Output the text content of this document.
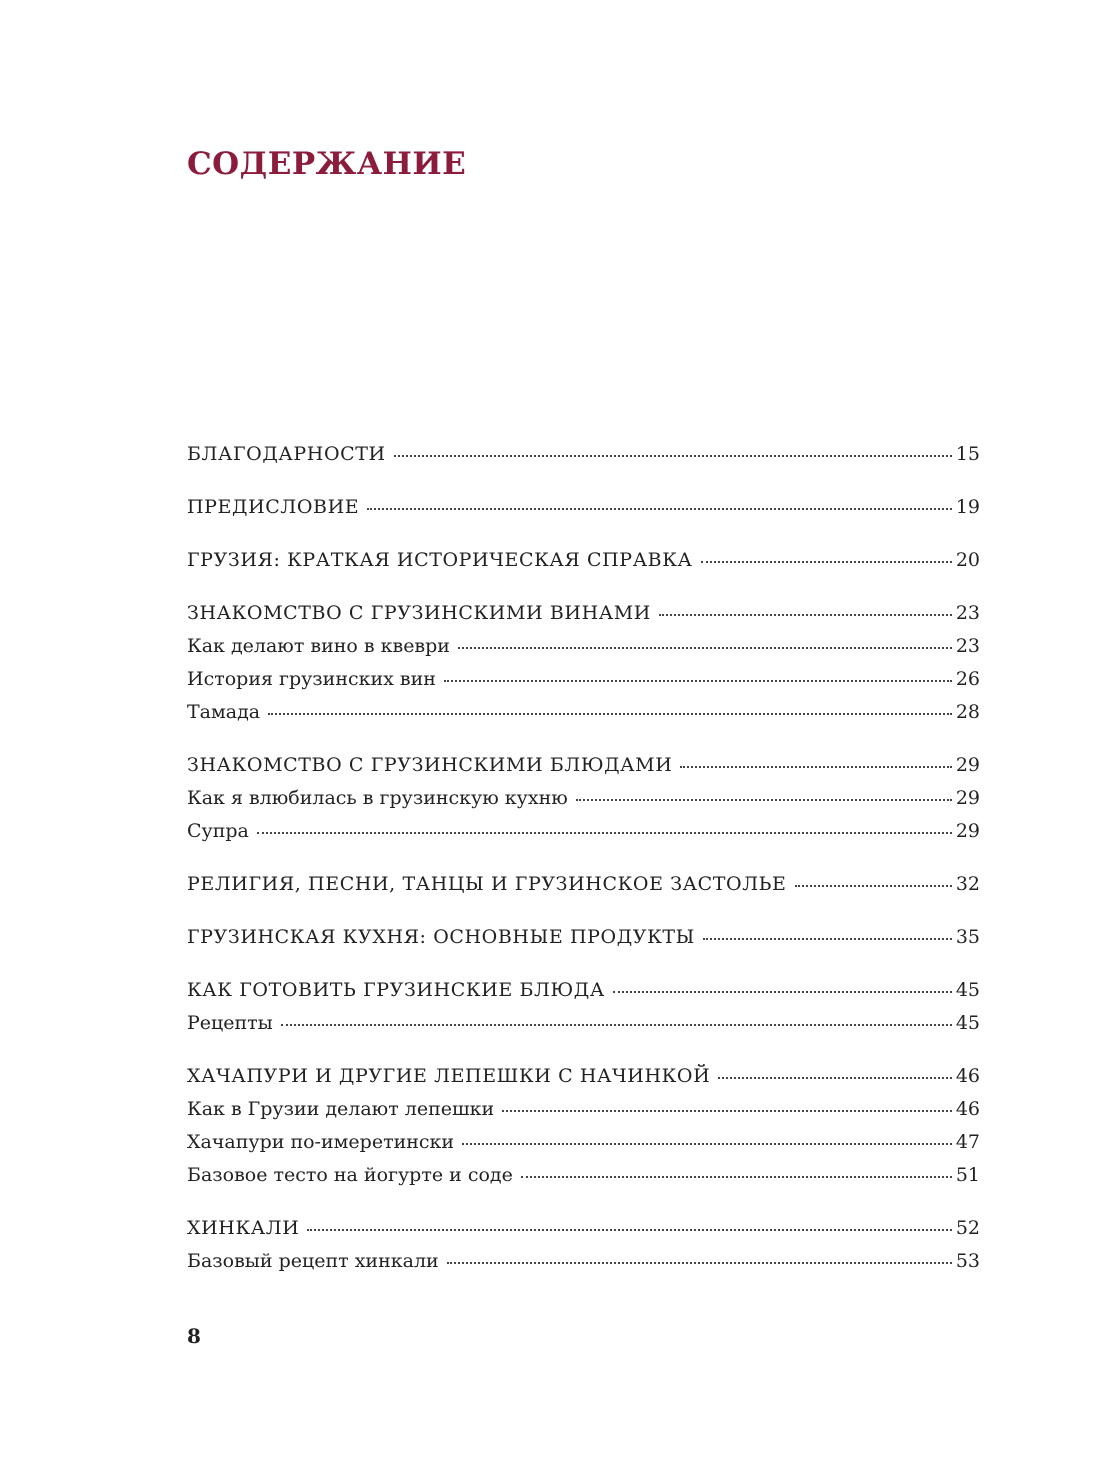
СОДЕРЖАНИЕ
БЛАГОДАРНОСТИ	15
ПРЕДИСЛОВИЕ	19
ГРУЗИЯ: КРАТКАЯ ИСТОРИЧЕСКАЯ СПРАВКА	20
ЗНАКОМСТВО С ГРУЗИНСКИМИ ВИНАМИ	23
Как делают вино в квеври	23
История грузинских вин	26
Тамада	28
ЗНАКОМСТВО С ГРУЗИНСКИМИ БЛЮДАМИ	29
Как я влюбилась в грузинскую кухню	29
Супра	29
РЕЛИГИЯ, ПЕСНИ, ТАНЦЫ И ГРУЗИНСКОЕ ЗАСТОЛЬЕ	32
ГРУЗИНСКАЯ КУХНЯ: ОСНОВНЫЕ ПРОДУКТЫ	35
КАК ГОТОВИТЬ ГРУЗИНСКИЕ БЛЮДА	45
Рецепты	45
ХАЧАПУРИ И ДРУГИЕ ЛЕПЕШКИ С НАЧИНКОЙ	46
Как в Грузии делают лепешки	46
Хачапури по-имеретински	47
Базовое тесто на йогурте и соде	51
ХИНКАЛИ	52
Базовый рецепт хинкали	53
8
